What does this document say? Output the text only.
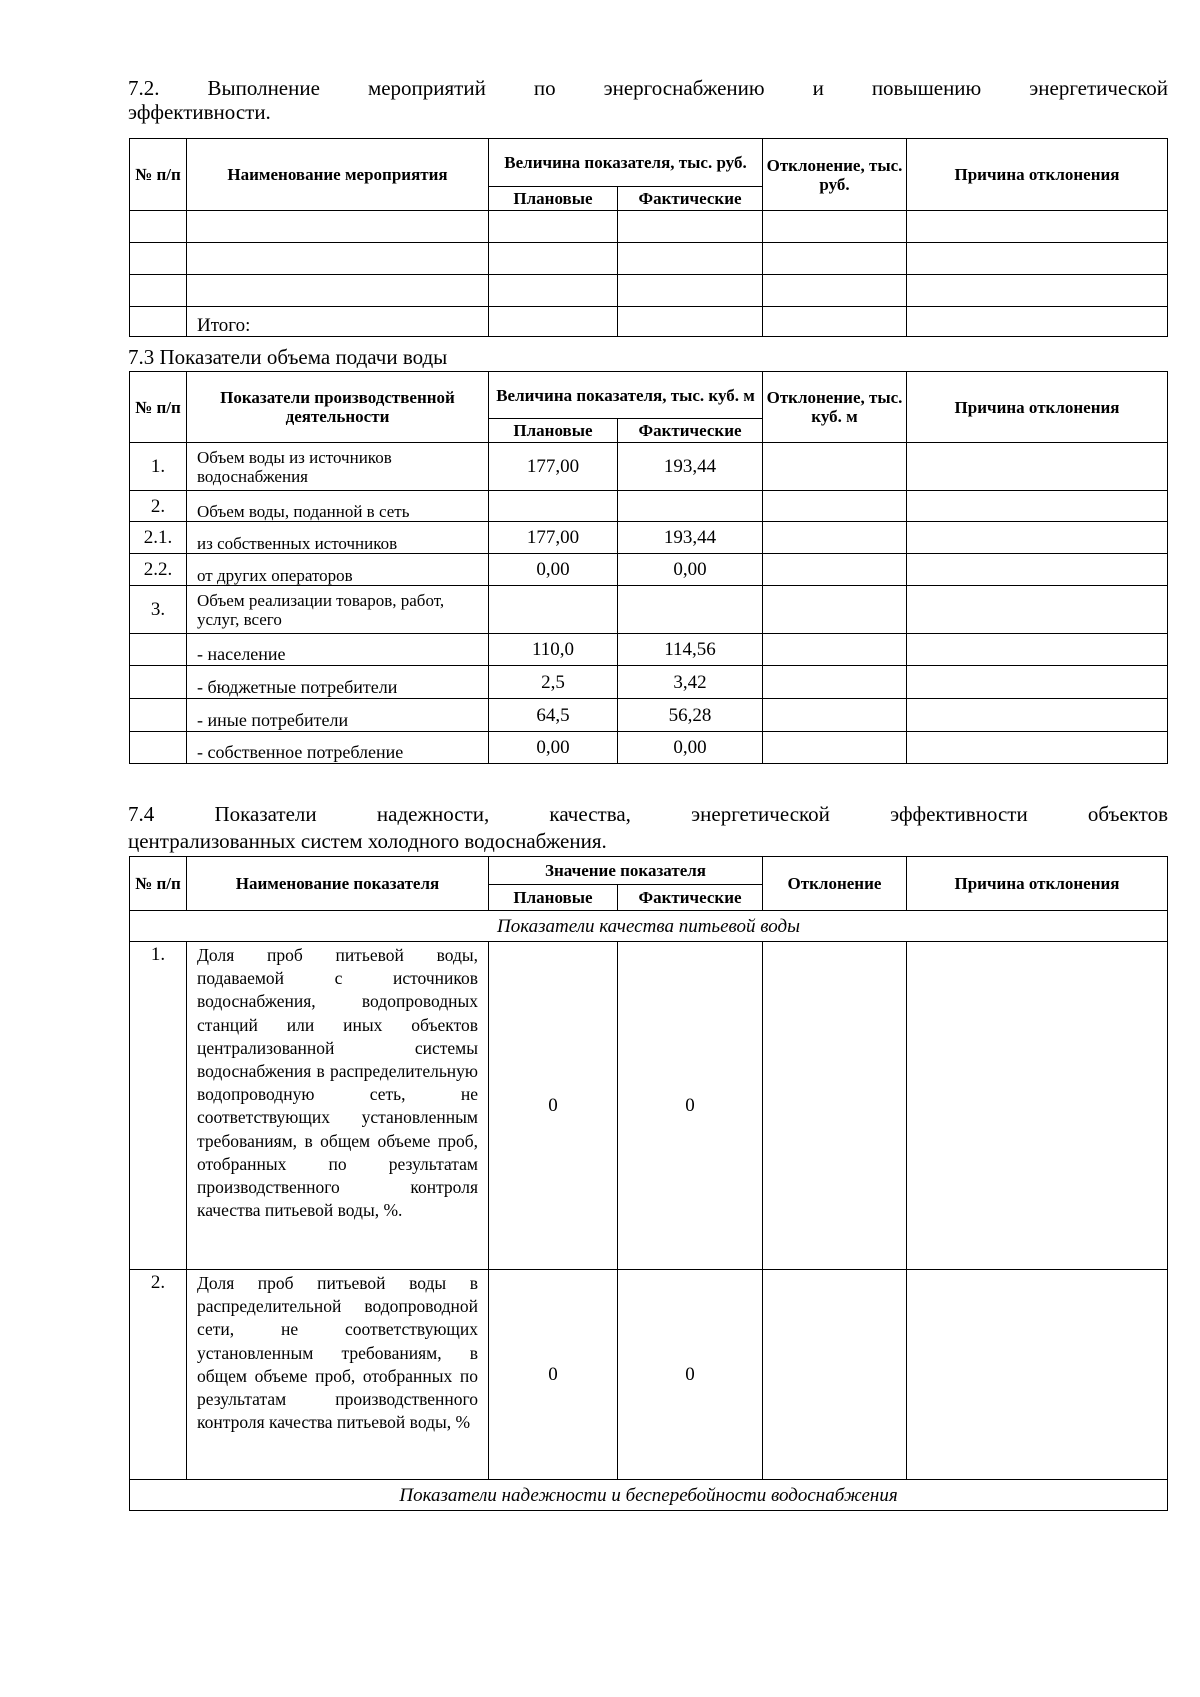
7.2. Выполнение мероприятий по энергоснабжению и повышению энергетической
эффективности.
№ п/п	Наименование мероприятия	Величина показателя, тыс. руб.		Отклонение, тыс. руб.	Причина отклонения
		Плановые	Фактические		

	Итого:				
7.3 Показатели объема подачи воды
№ п/п	Показатели производственной деятельности	Величина показателя, тыс. куб. м		Отклонение, тыс. куб. м	Причина отклонения
		Плановые	Фактические		
1.	Объем воды из источников водоснабжения	177,00	193,44		
2.	Объем воды, поданной в сеть				
2.1.	из собственных источников	177,00	193,44		
2.2.	от других операторов	0,00	0,00		
3.	Объем реализации товаров, работ, услуг, всего				
	- население	110,0	114,56		
	- бюджетные потребители	2,5	3,42		
	- иные потребители	64,5	56,28		
	- собственное потребление	0,00	0,00		
7.4 Показатели надежности, качества, энергетической эффективности объектов
централизованных систем холодного водоснабжения.
№ п/п	Наименование показателя	Значение показателя		Отклонение	Причина отклонения
		Плановые	Фактические		
Показатели качества питьевой воды					
1.	Доля проб питьевой воды, подаваемой с источников водоснабжения, водопроводных станций или иных объектов централизованной системы водоснабжения в распределительную водопроводную сеть, не соответствующих установленным требованиям, в общем объеме проб, отобранных по результатам производственного контроля качества питьевой воды, %.	0	0		
2.	Доля проб питьевой воды в распределительной водопроводной сети, не соответствующих установленным требованиям, в общем объеме проб, отобранных по результатам производственного контроля качества питьевой воды, %	0	0		
Показатели надежности и бесперебойности водоснабжения					
